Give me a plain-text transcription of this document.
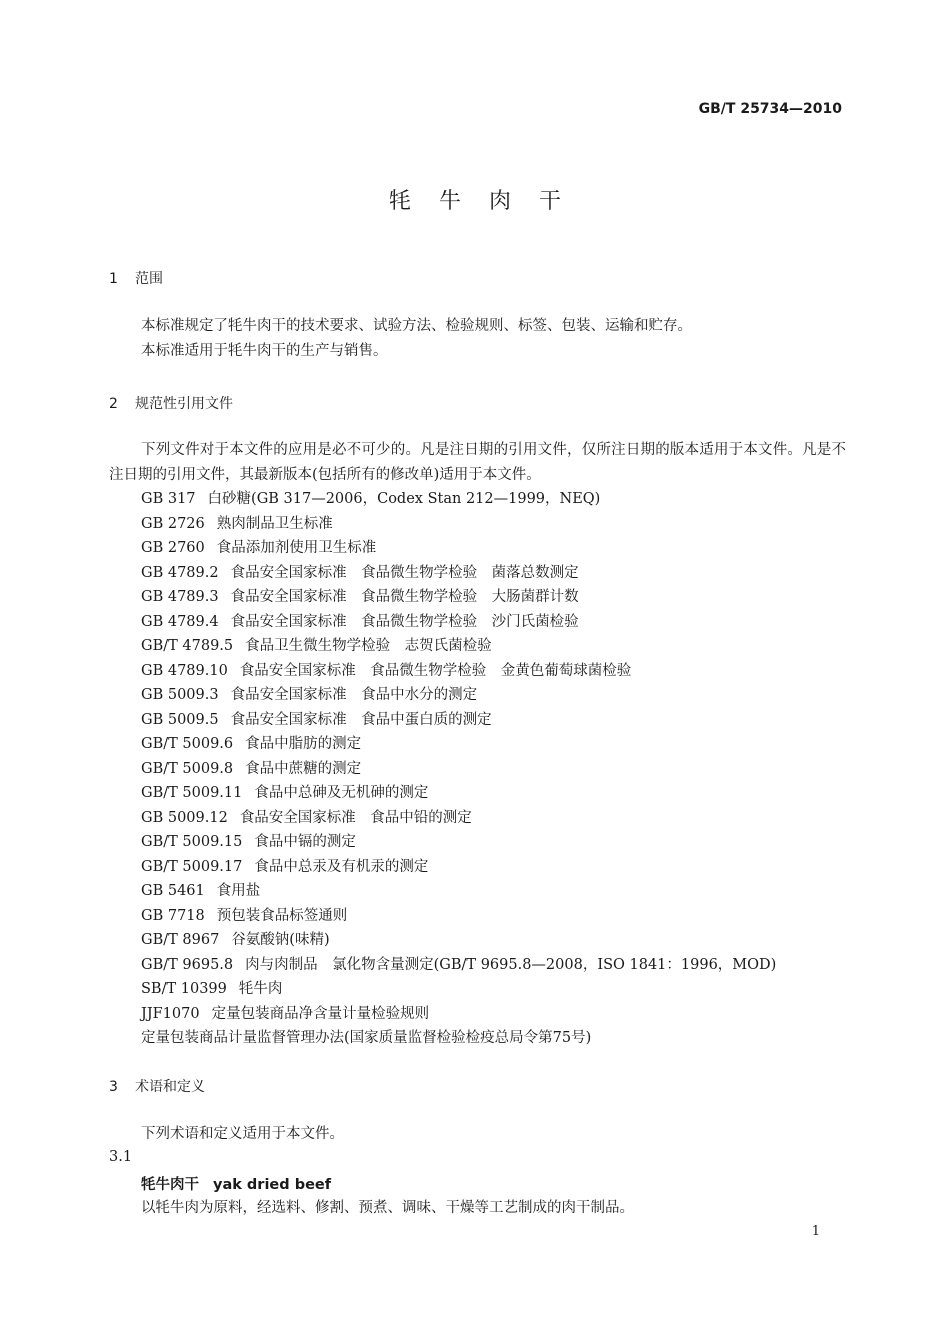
GB/T 25734—2010
牦牛肉干
1 范围
本标准规定了牦牛肉干的技术要求、试验方法、检验规则、标签、包装、运输和贮存。
本标准适用于牦牛肉干的生产与销售。
2 规范性引用文件
下列文件对于本文件的应用是必不可少的。凡是注日期的引用文件，仅所注日期的版本适用于本文件。凡是不注日期的引用文件，其最新版本(包括所有的修改单)适用于本文件。
GB 317 白砂糖(GB 317—2006，Codex Stan 212—1999，NEQ)
GB 2726 熟肉制品卫生标准
GB 2760 食品添加剂使用卫生标准
GB 4789.2 食品安全国家标准　食品微生物学检验　菌落总数测定
GB 4789.3 食品安全国家标准　食品微生物学检验　大肠菌群计数
GB 4789.4 食品安全国家标准　食品微生物学检验　沙门氏菌检验
GB/T 4789.5 食品卫生微生物学检验　志贺氏菌检验
GB 4789.10 食品安全国家标准　食品微生物学检验　金黄色葡萄球菌检验
GB 5009.3 食品安全国家标准　食品中水分的测定
GB 5009.5 食品安全国家标准　食品中蛋白质的测定
GB/T 5009.6 食品中脂肪的测定
GB/T 5009.8 食品中蔗糖的测定
GB/T 5009.11 食品中总砷及无机砷的测定
GB 5009.12 食品安全国家标准　食品中铅的测定
GB/T 5009.15 食品中镉的测定
GB/T 5009.17 食品中总汞及有机汞的测定
GB 5461 食用盐
GB 7718 预包装食品标签通则
GB/T 8967 谷氨酸钠(味精)
GB/T 9695.8 肉与肉制品　氯化物含量测定(GB/T 9695.8—2008，ISO 1841：1996，MOD)
SB/T 10399 牦牛肉
JJF1070 定量包装商品净含量计量检验规则
定量包装商品计量监督管理办法(国家质量监督检验检疫总局令第75号)
3 术语和定义
下列术语和定义适用于本文件。
3.1
牦牛肉干 yak dried beef
以牦牛肉为原料，经选料、修割、预煮、调味、干燥等工艺制成的肉干制品。
1
